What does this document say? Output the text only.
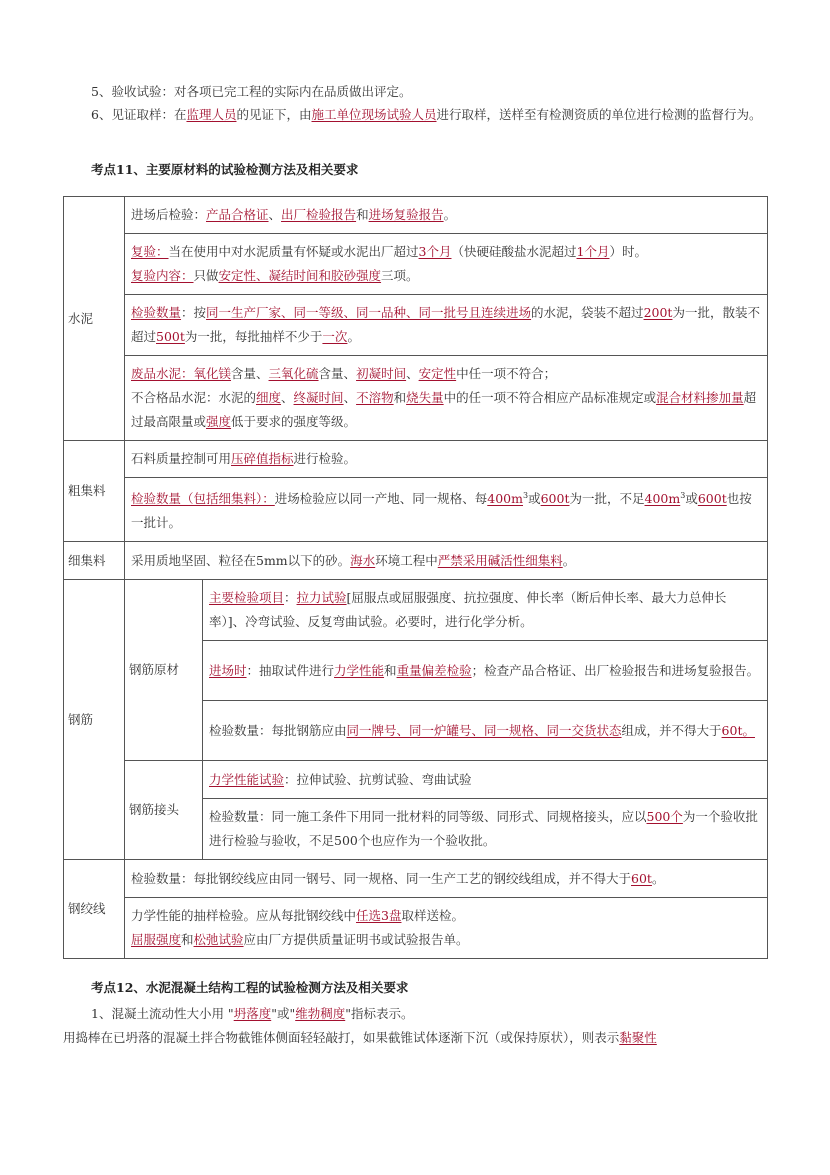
5、验收试验：对各项已完工程的实际内在品质做出评定。

6、见证取样：在监理人员的见证下，由施工单位现场试验人员进行取样，送样至有检测资质的单位进行检测的监督行为。

考点11、主要原材料的试验检测方法及相关要求

水泥	进场后检验：产品合格证、出厂检验报告和进场复验报告。	

	复验：当在使用中对水泥质量有怀疑或水泥出厂超过3个月（快硬硅酸盐水泥超过1个月）时。
复验内容：只做安定性、凝结时间和胶砂强度三项。	

	检验数量：按同一生产厂家、同一等级、同一品种、同一批号且连续进场的水泥，袋装不超过200t为一批，散装不超过500t为一批，每批抽样不少于一次。	

	废品水泥：氧化镁含量、三氧化硫含量、初凝时间、安定性中任一项不符合；
不合格品水泥：水泥的细度、终凝时间、不溶物和烧失量中的任一项不符合相应产品标准规定或混合材料掺加量超过最高限量或强度低于要求的强度等级。	

粗集料	石料质量控制可用压碎值指标进行检验。	
	检验数量（包括细集料）：进场检验应以同一产地、同一规格、每$400m^3$或600t为一批，不足$400m^3$或600t也按一批计。	
细集料	采用质地坚固、粒径在5mm以下的砂。海水环境工程中严禁采用碱活性细集料。	
钢筋	钢筋原材	主要检验项目：拉力试验[屈服点或屈服强度、抗拉强度、伸长率（断后伸长率、最大力总伸长率）]、冷弯试验、反复弯曲试验。必要时，进行化学分析。
		进场时：抽取试件进行力学性能和重量偏差检验；检查产品合格证、出厂检验报告和进场复验报告。
		检验数量：每批钢筋应由同一牌号、同一炉罐号、同一规格、同一交货状态组成，并不得大于60t。
	钢筋接头	力学性能试验：拉伸试验、抗剪试验、弯曲试验
		检验数量：同一施工条件下用同一批材料的同等级、同形式、同规格接头，应以500个为一个验收批进行检验与验收，不足500个也应作为一个验收批。
钢绞线	检验数量：每批钢绞线应由同一钢号、同一规格、同一生产工艺的钢绞线组成，并不得大于60t。	

	力学性能的抽样检验。应从每批钢绞线中任选3盘取样送检。
屈服强度和松弛试验应由厂方提供质量证明书或试验报告单。	

考点12、水泥混凝土结构工程的试验检测方法及相关要求

1、混凝土流动性大小用 "坍落度"或"维勃稠度"指标表示。

用捣棒在已坍落的混凝土拌合物截锥体侧面轻轻敲打，如果截锥试体逐渐下沉（或保持原状），则表示黏聚性
